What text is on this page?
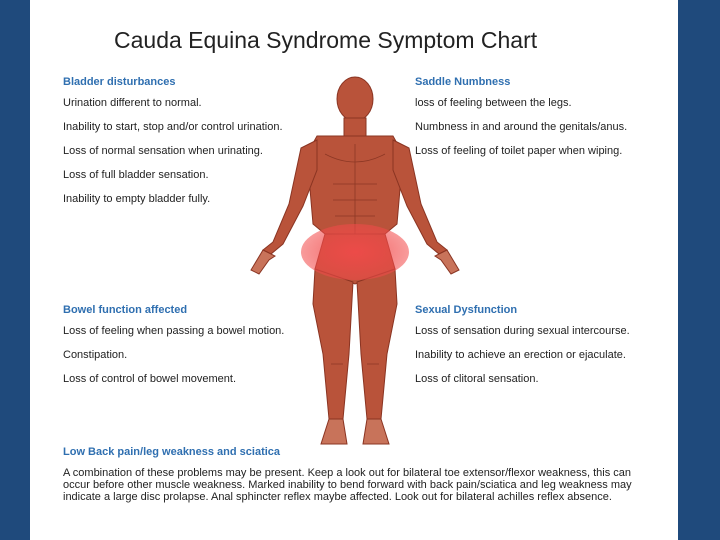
Cauda Equina Syndrome Symptom Chart
Bladder disturbances
Urination different to normal.
Inability to start, stop and/or control urination.
Loss of normal sensation when urinating.
Loss of full bladder sensation.
Inability to empty bladder fully.
Saddle Numbness
loss of feeling between the legs.
Numbness in and around the genitals/anus.
Loss of feeling of toilet paper when wiping.
Bowel function affected
Loss of feeling when passing a bowel motion.
Constipation.
Loss of control of bowel movement.
Sexual Dysfunction
Loss of sensation during sexual intercourse.
Inability to achieve an erection or ejaculate.
Loss of clitoral sensation.
Low Back pain/leg weakness and sciatica
A combination of these problems may be present. Keep a look out for bilateral toe extensor/flexor weakness, this can occur before other muscle weakness. Marked inability to bend forward with back pain/sciatica and leg weakness may indicate a large disc prolapse. Anal sphincter reflex maybe affected. Look out for bilateral achilles reflex absence.
